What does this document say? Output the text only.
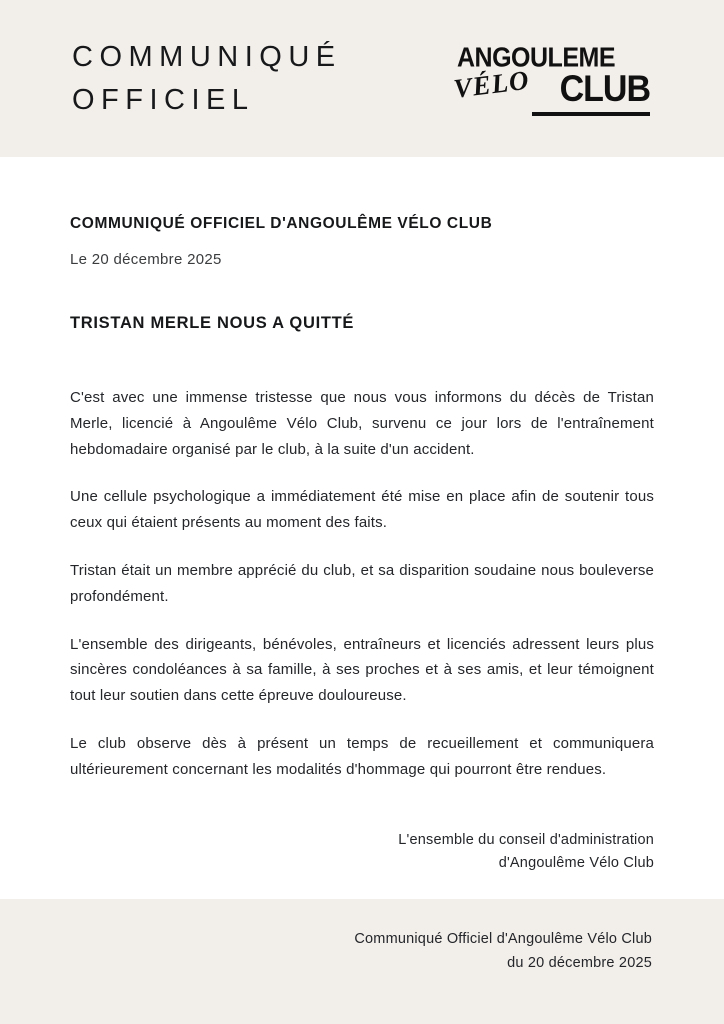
COMMUNIQUÉ OFFICIEL
ANGOULEME
VÉLO CLUB

COMMUNIQUÉ OFFICIEL D'ANGOULÊME VÉLO CLUB

Le 20 décembre 2025

TRISTAN MERLE NOUS A QUITTÉ

C'est avec une immense tristesse que nous vous informons du décès de Tristan Merle, licencié à Angoulême Vélo Club, survenu ce jour lors de l'entraînement hebdomadaire organisé par le club, à la suite d'un accident.

Une cellule psychologique a immédiatement été mise en place afin de soutenir tous ceux qui étaient présents au moment des faits.

Tristan était un membre apprécié du club, et sa disparition soudaine nous bouleverse profondément.

L'ensemble des dirigeants, bénévoles, entraîneurs et licenciés adressent leurs plus sincères condoléances à sa famille, à ses proches et à ses amis, et leur témoignent tout leur soutien dans cette épreuve douloureuse.

Le club observe dès à présent un temps de recueillement et communiquera ultérieurement concernant les modalités d'hommage qui pourront être rendues.

L'ensemble du conseil d'administration
d'Angoulême Vélo Club
Communiqué Officiel d'Angoulême Vélo Club
du 20 décembre 2025
